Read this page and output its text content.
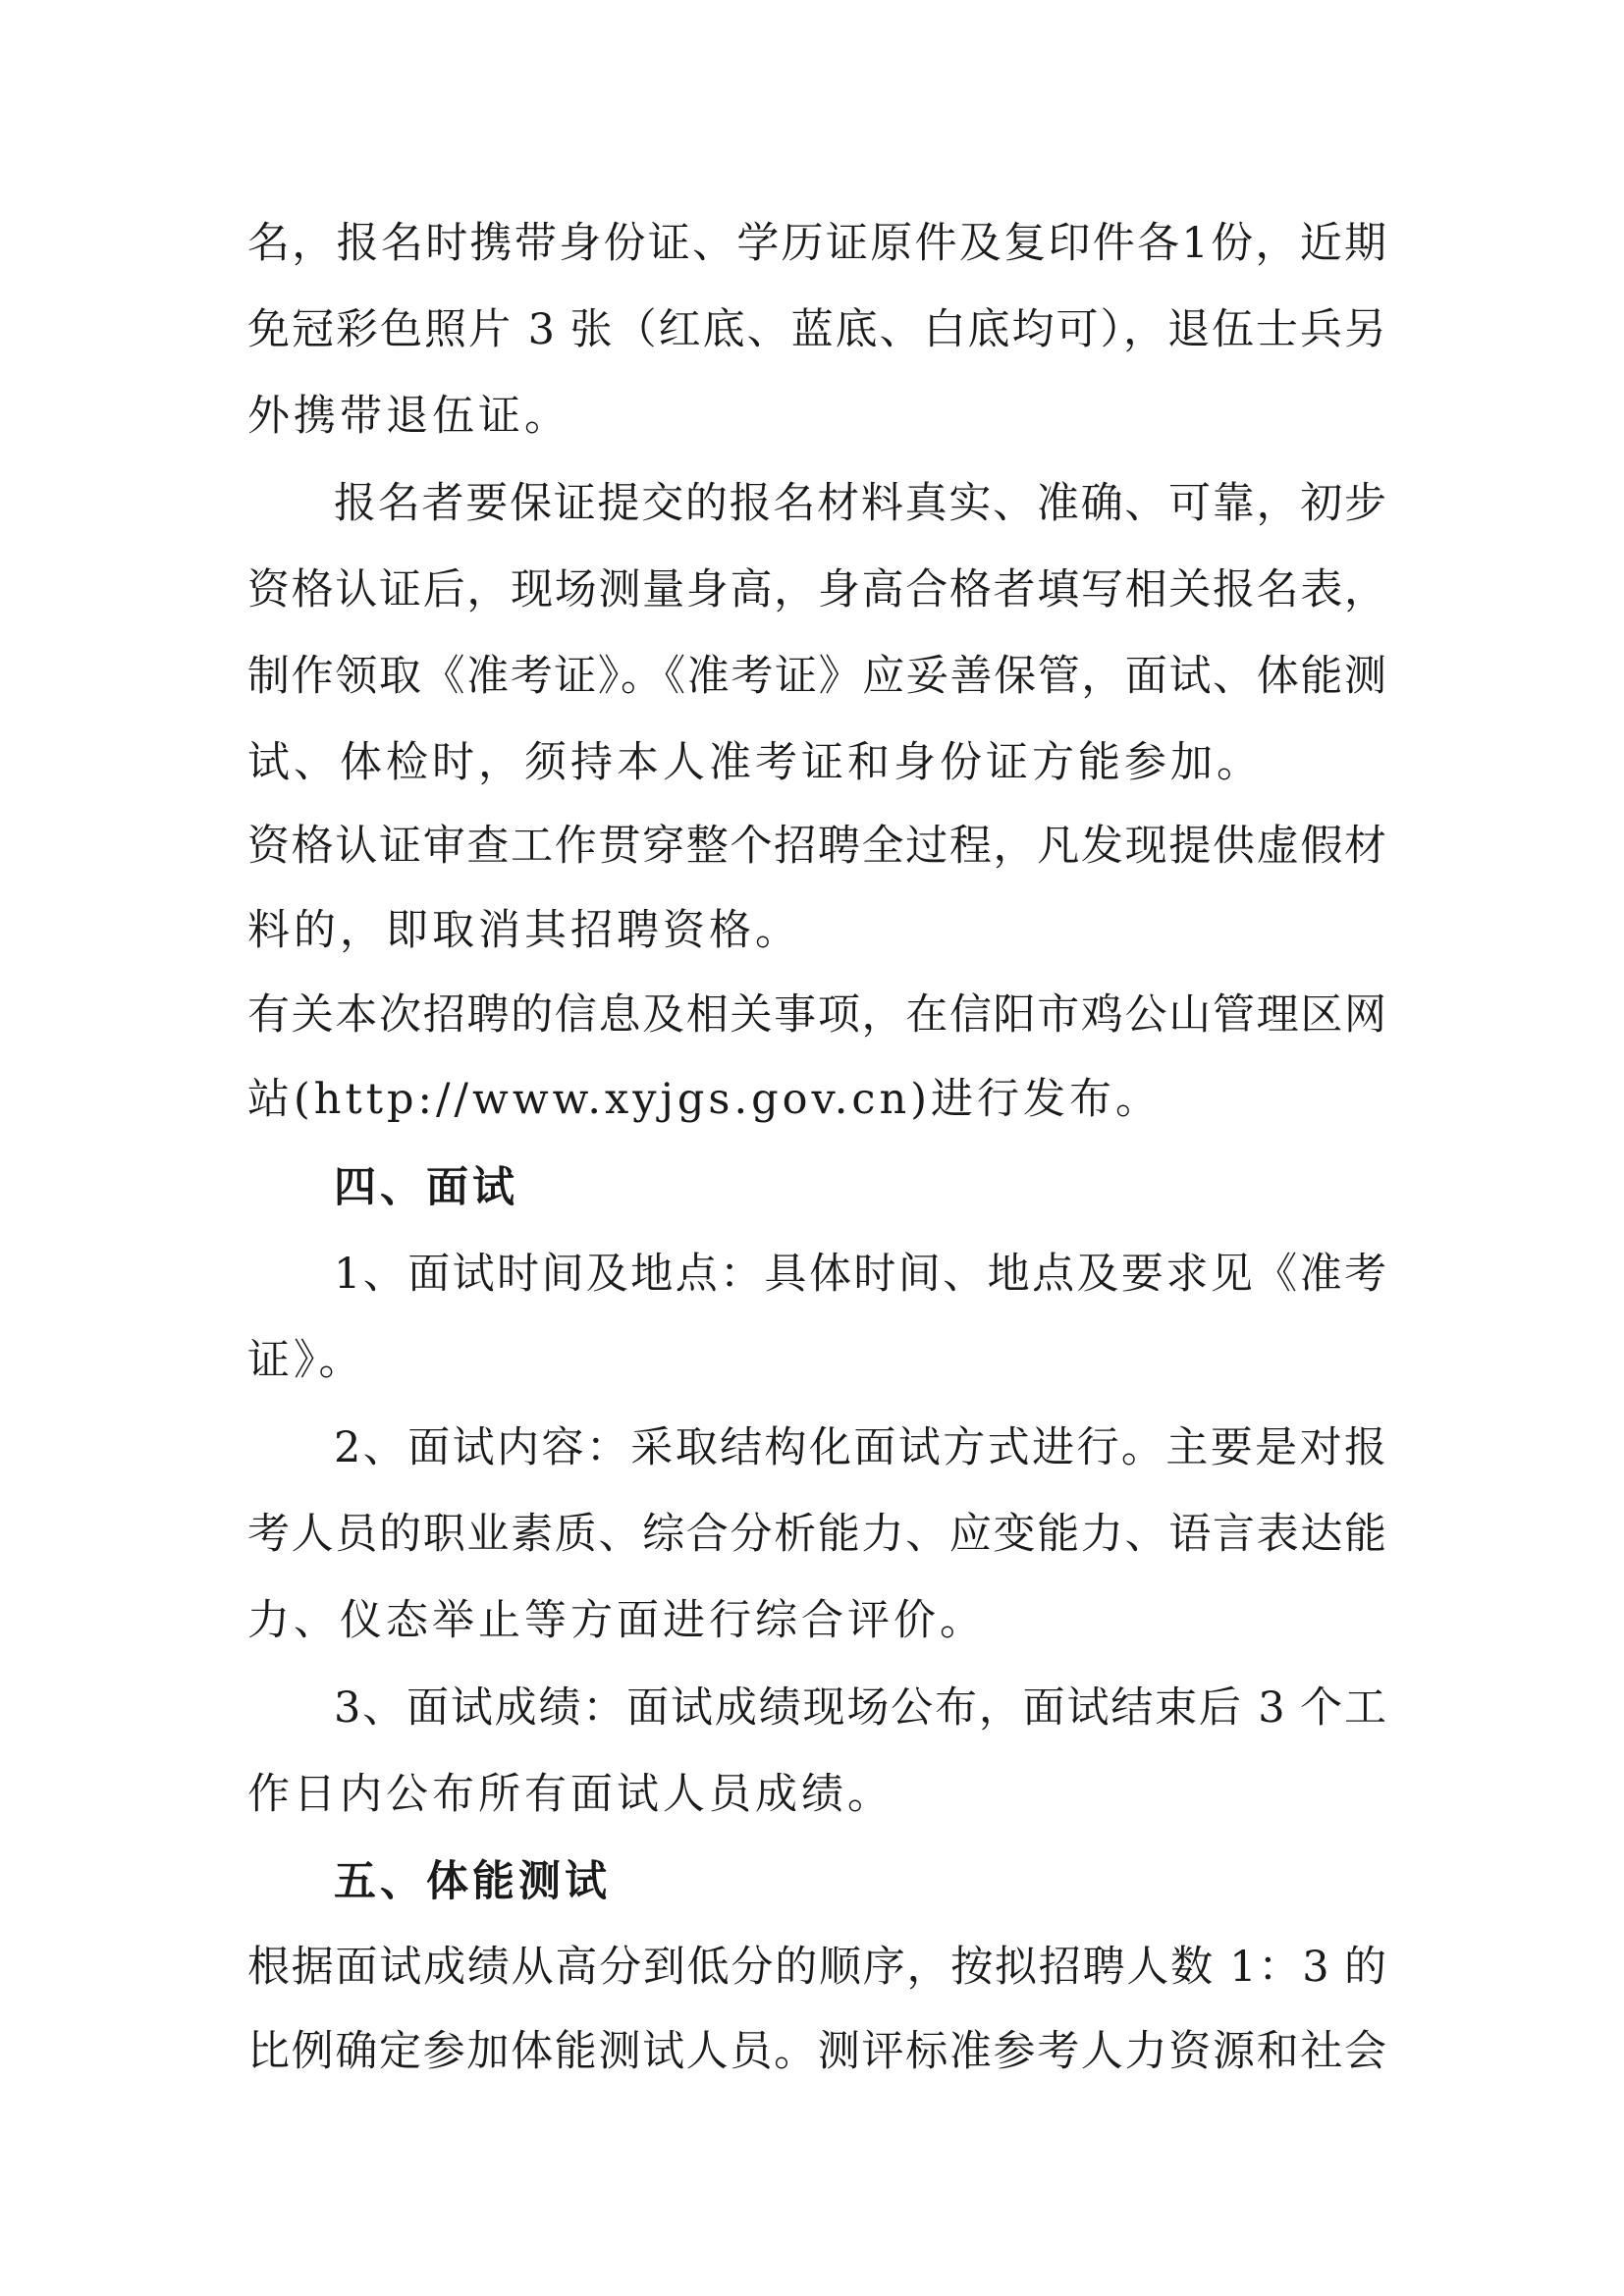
名，报名时携带身份证、学历证原件及复印件各1份，近期
免冠彩色照片 3 张（红底、蓝底、白底均可），退伍士兵另
外携带退伍证。
报名者要保证提交的报名材料真实、准确、可靠，初步
资格认证后，现场测量身高，身高合格者填写相关报名表，
制作领取《准考证》。《准考证》应妥善保管，面试、体能测
试、体检时，须持本人准考证和身份证方能参加。
资格认证审查工作贯穿整个招聘全过程，凡发现提供虚假材
料的，即取消其招聘资格。
有关本次招聘的信息及相关事项，在信阳市鸡公山管理区网
站(http://www.xyjgs.gov.cn)进行发布。
四、面试
1、面试时间及地点：具体时间、地点及要求见《准考
证》。
2、面试内容：采取结构化面试方式进行。主要是对报
考人员的职业素质、综合分析能力、应变能力、语言表达能
力、仪态举止等方面进行综合评价。
3、面试成绩：面试成绩现场公布，面试结束后 3 个工
作日内公布所有面试人员成绩。
五、体能测试
根据面试成绩从高分到低分的顺序，按拟招聘人数 1：3 的
比例确定参加体能测试人员。测评标准参考人力资源和社会
